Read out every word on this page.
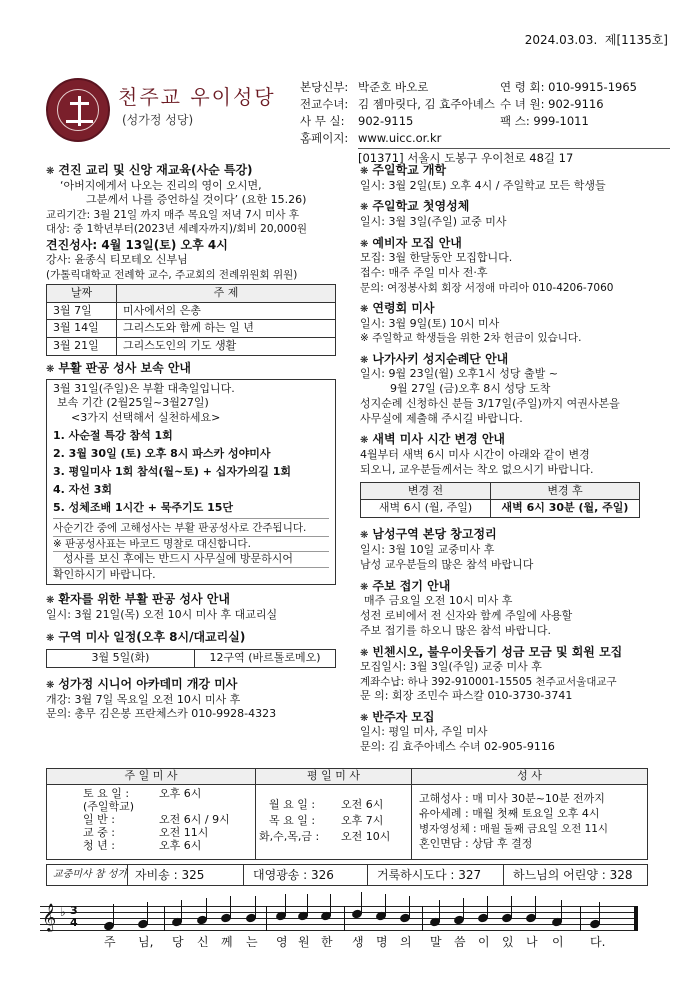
2024.03.03. 제[1135호]
천주교 우이성당
(성가정 성당)
본당신부: 박준호 바오로	연 령 회: 010-9915-1965
전교수녀: 김 젬마릿다, 김 효주아녜스 수 녀 원: 902-9116
사 무 실: 902-9115	팩 스: 999-1011
홈페이지: www.uicc.or.kr
[01371] 서울시 도봉구 우이천로 48길 17
❋ 견진 교리 및 신앙 재교육(사순 특강)
‘아버지에게서 나오는 진리의 영이 오시면,
그분께서 나를 증언하실 것이다’ (요한 15.26)
교리기간: 3월 21일 까지 매주 목요일 저녁 7시 미사 후
대상: 중 1학년부터(2023년 세례자까지)/회비 20,000원
견진성사: 4월 13일(토) 오후 4시
강사: 윤종식 티모테오 신부님
(가톨릭대학교 전례학 교수, 주교회의 전례위원회 위원)
날짜	주 제
3월 7일	미사에서의 은총
3월 14일	그리스도와 함께 하는 일 년
3월 21일	그리스도인의 기도 생활
❋ 부활 판공 성사 보속 안내
3월 31일(주일)은 부활 대축일입니다.
보속 기간 (2월25일~3월27일)
<3가지 선택해서 실천하세요>
1. 사순절 특강 참석 1회
2. 3월 30일 (토) 오후 8시 파스카 성야미사
3. 평일미사 1회 참석(월~토) + 십자가의길 1회
4. 자선 3회
5. 성체조배 1시간 + 묵주기도 15단
사순기간 중에 고해성사는 부활 판공성사로 간주됩니다.
※ 판공성사표는 바코드 명찰로 대신합니다.
성사를 보신 후에는 반드시 사무실에 방문하시어
확인하시기 바랍니다.
❋ 환자를 위한 부활 판공 성사 안내
일시: 3월 21일(목) 오전 10시 미사 후 대교리실
❋ 구역 미사 일정(오후 8시/대교리실)
3월 5일(화)	12구역 (바르톨로메오)
❋ 성가정 시니어 아카데미 개강 미사
개강: 3월 7일 목요일 오전 10시 미사 후
문의: 총무 김은봉 프란체스카 010-9928-4323
❋ 주일학교 개학
일시: 3월 2일(토) 오후 4시 / 주일학교 모든 학생들
❋ 주일학교 첫영성체
일시: 3월 3일(주일) 교중 미사
❋ 예비자 모집 안내
모집: 3월 한달동안 모집합니다.
접수: 매주 주일 미사 전·후
문의: 여정봉사회 회장 서정애 마리아 010-4206-7060
❋ 연령회 미사
일시: 3월 9일(토) 10시 미사
※ 주일학교 학생들을 위한 2차 헌금이 있습니다.
❋ 나가사키 성지순례단 안내
일시: 9월 23일(월) 오후1시 성당 출발 ~
9월 27일 (금)오후 8시 성당 도착
성지순례 신청하신 분들 3/17일(주일)까지 여권사본을
사무실에 제출해 주시길 바랍니다.
❋ 새벽 미사 시간 변경 안내
4월부터 새벽 6시 미사 시간이 아래와 같이 변경
되오니, 교우분들께서는 착오 없으시기 바랍니다.
변경 전	변경 후
새벽 6시 (월, 주일)	새벽 6시 30분 (월, 주일)
❋ 남성구역 본당 창고정리
일시: 3월 10일 교중미사 후
남성 교우분들의 많은 참석 바랍니다
❋ 주보 접기 안내
매주 금요일 오전 10시 미사 후
성전 로비에서 전 신자와 함께 주일에 사용할
주보 접기를 하오니 많은 참석 바랍니다.
❋ 빈첸시오, 불우이웃돕기 성금 모금 및 회원 모집
모집일시: 3월 3일(주일) 교중 미사 후
계좌수납: 하나 392-910001-15505 천주교서울대교구
문 의: 회장 조민수 파스칼 010-3730-3741
❋ 반주자 모집
일시: 평일 미사, 주일 미사
문의: 김 효주아녜스 수녀 02-905-9116
주 일 미 사	평 일 미 사	성 사
토 요 일 :	오후 6시
(주일학교)
일 반 :	오전 6시 / 9시
교 중 :	오전 11시
청 년 :	오후 6시
월 요 일 : 오전 6시
목 요 일 : 오후 7시
화,수,목,금 : 오전 10시
고해성사 : 매 미사 30분~10분 전까지
유아세례 : 매월 첫째 토요일 오후 4시
병자영성체 : 매월 둘째 금요일 오전 11시
혼인면담 : 상담 후 결정
교중미사 참 성가 자비송 : 325	대영광송 : 326	거룩하시도다 : 327	하느님의 어린양 : 328
𝄞 ♭ 3
4
주 님, 당 신 께 는 영 원 한 생 명 의 말 씀 이 있 나 이 다.
